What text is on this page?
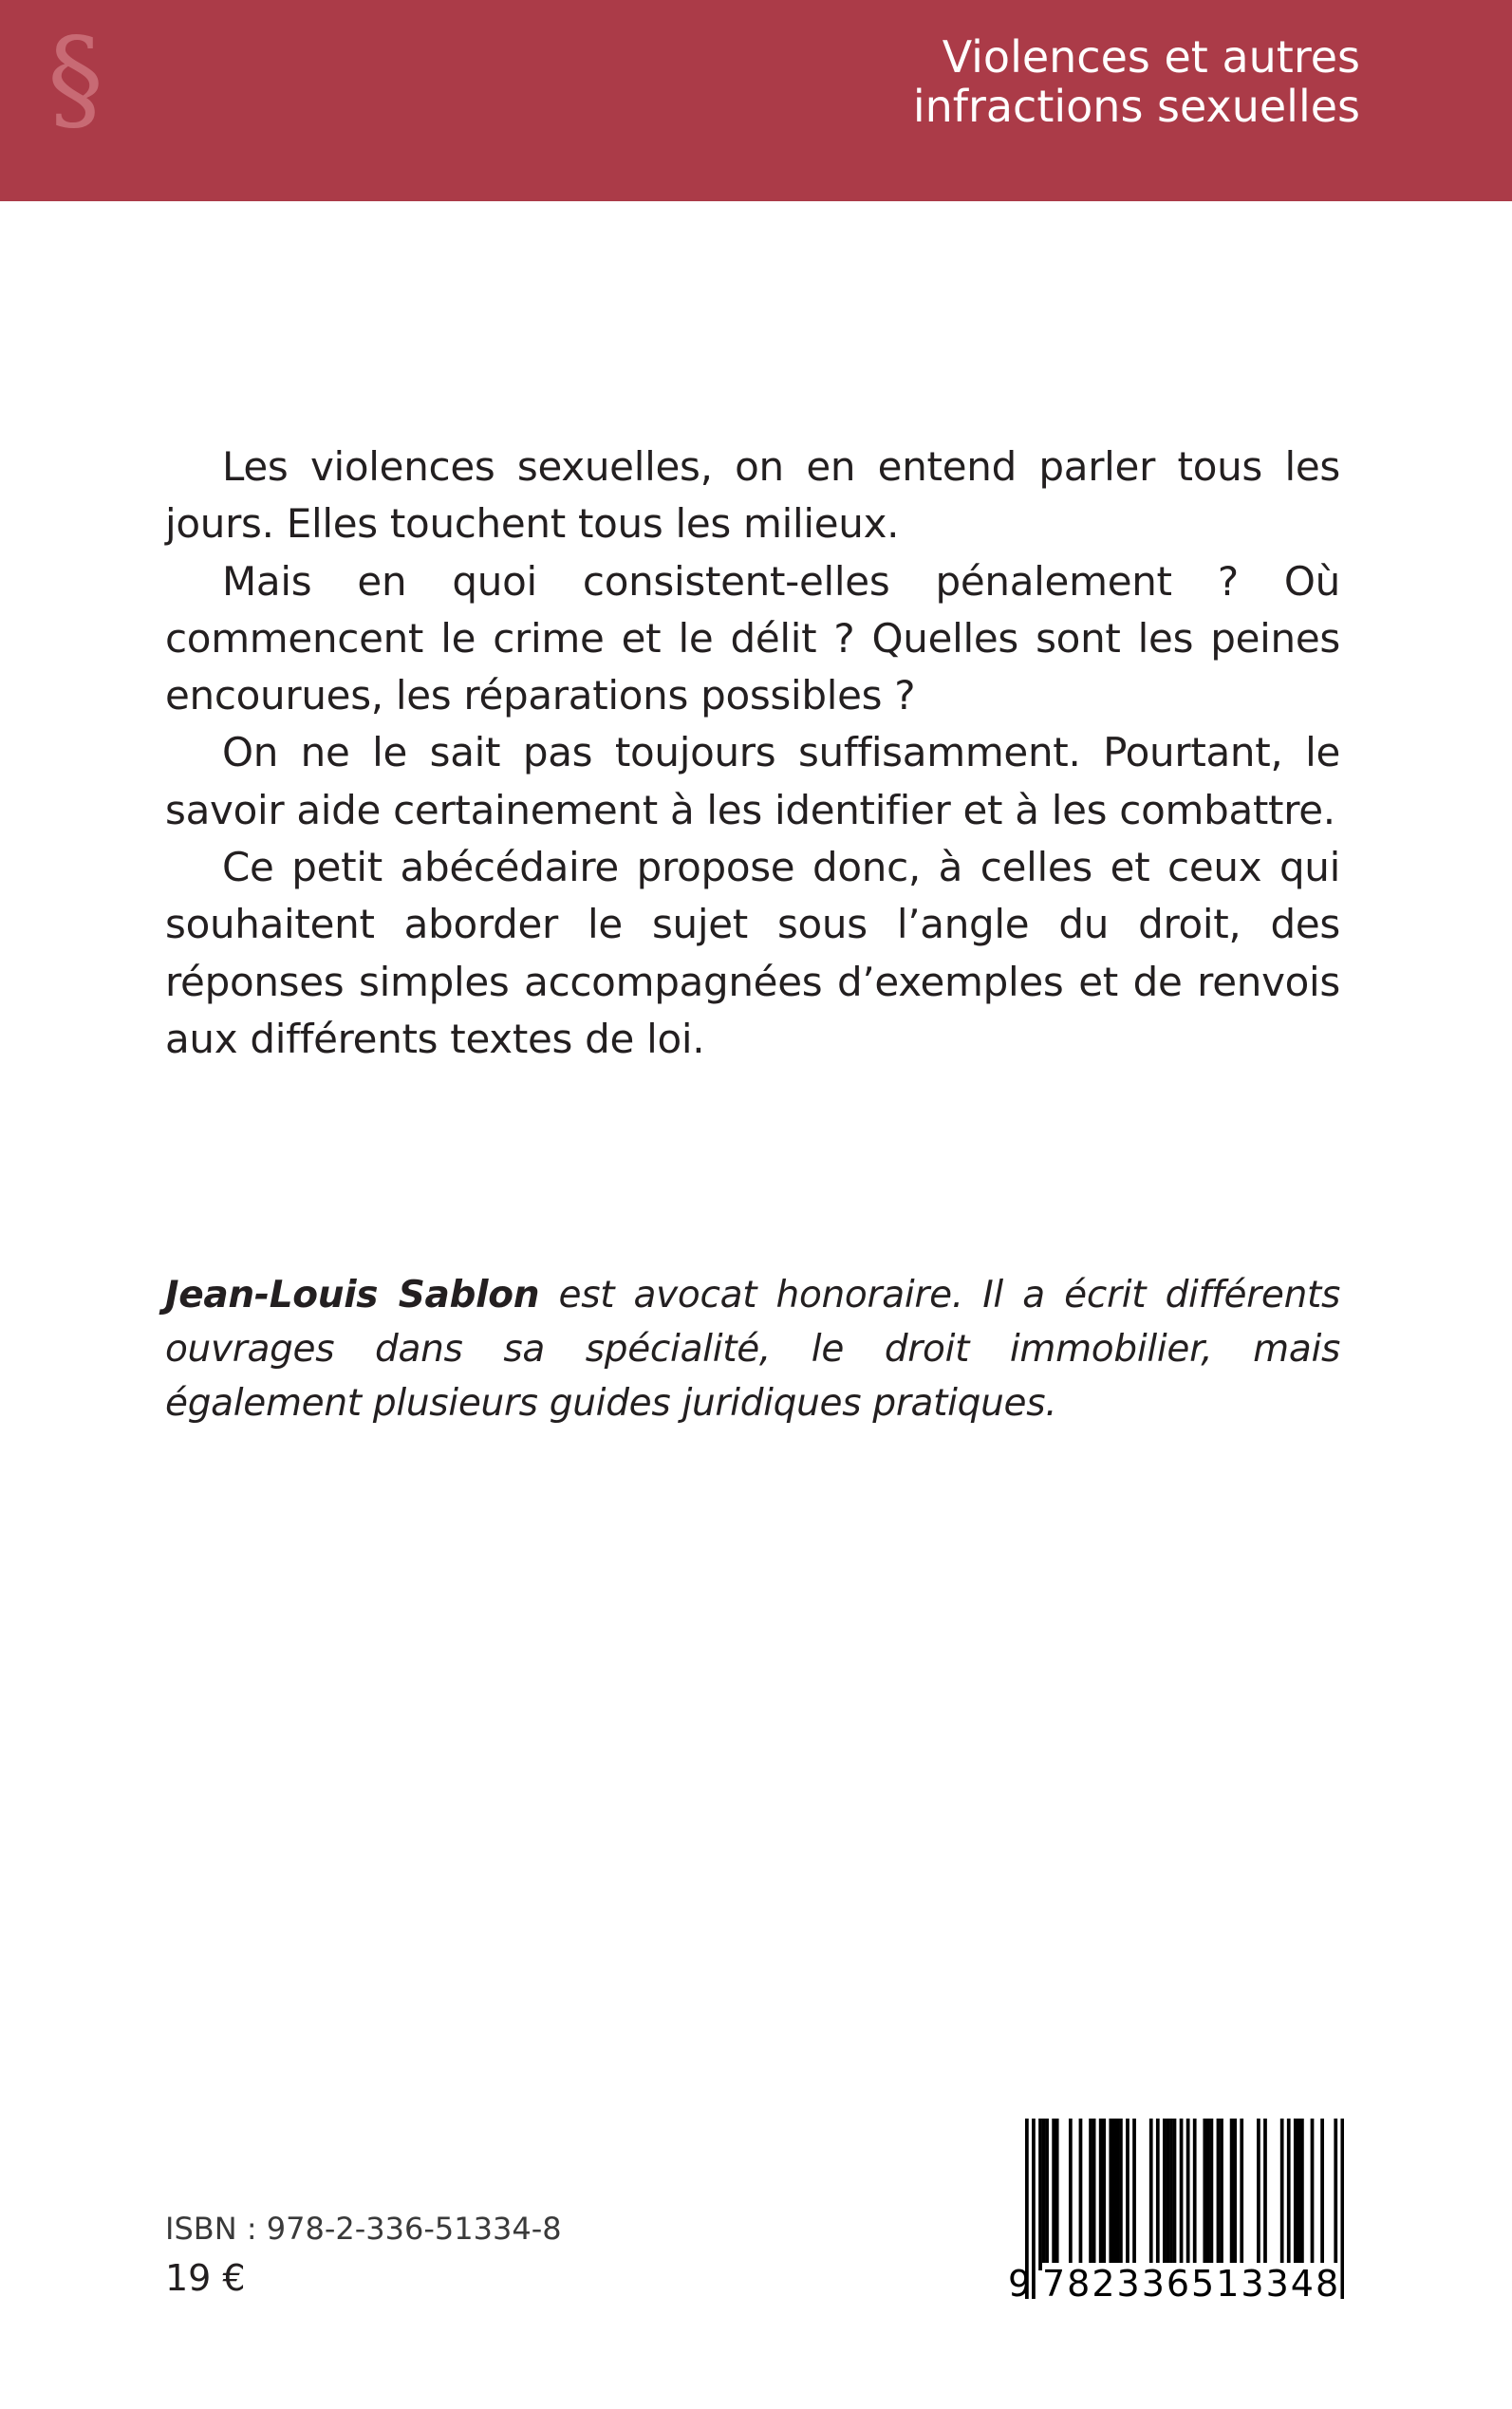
§	Violences et autres
infractions sexuelles

Les violences sexuelles, on en entend parler tous les jours. Elles touchent tous les milieux.

Mais en quoi consistent-elles pénalement ? Où commencent le crime et le délit ? Quelles sont les peines encourues, les réparations possibles ?

On ne le sait pas toujours suffisamment. Pourtant, le savoir aide certainement à les identifier et à les combattre.

Ce petit abécédaire propose donc, à celles et ceux qui souhaitent aborder le sujet sous l’angle du droit, des réponses simples accompagnées d’exemples et de renvois aux différents textes de loi.

Jean-Louis Sablon est avocat honoraire. Il a écrit différents ouvrages dans sa spécialité, le droit immobilier, mais également plusieurs guides juridiques pratiques.
ISBN : 978-2-336-51334-8
19 €	9 782336513348
